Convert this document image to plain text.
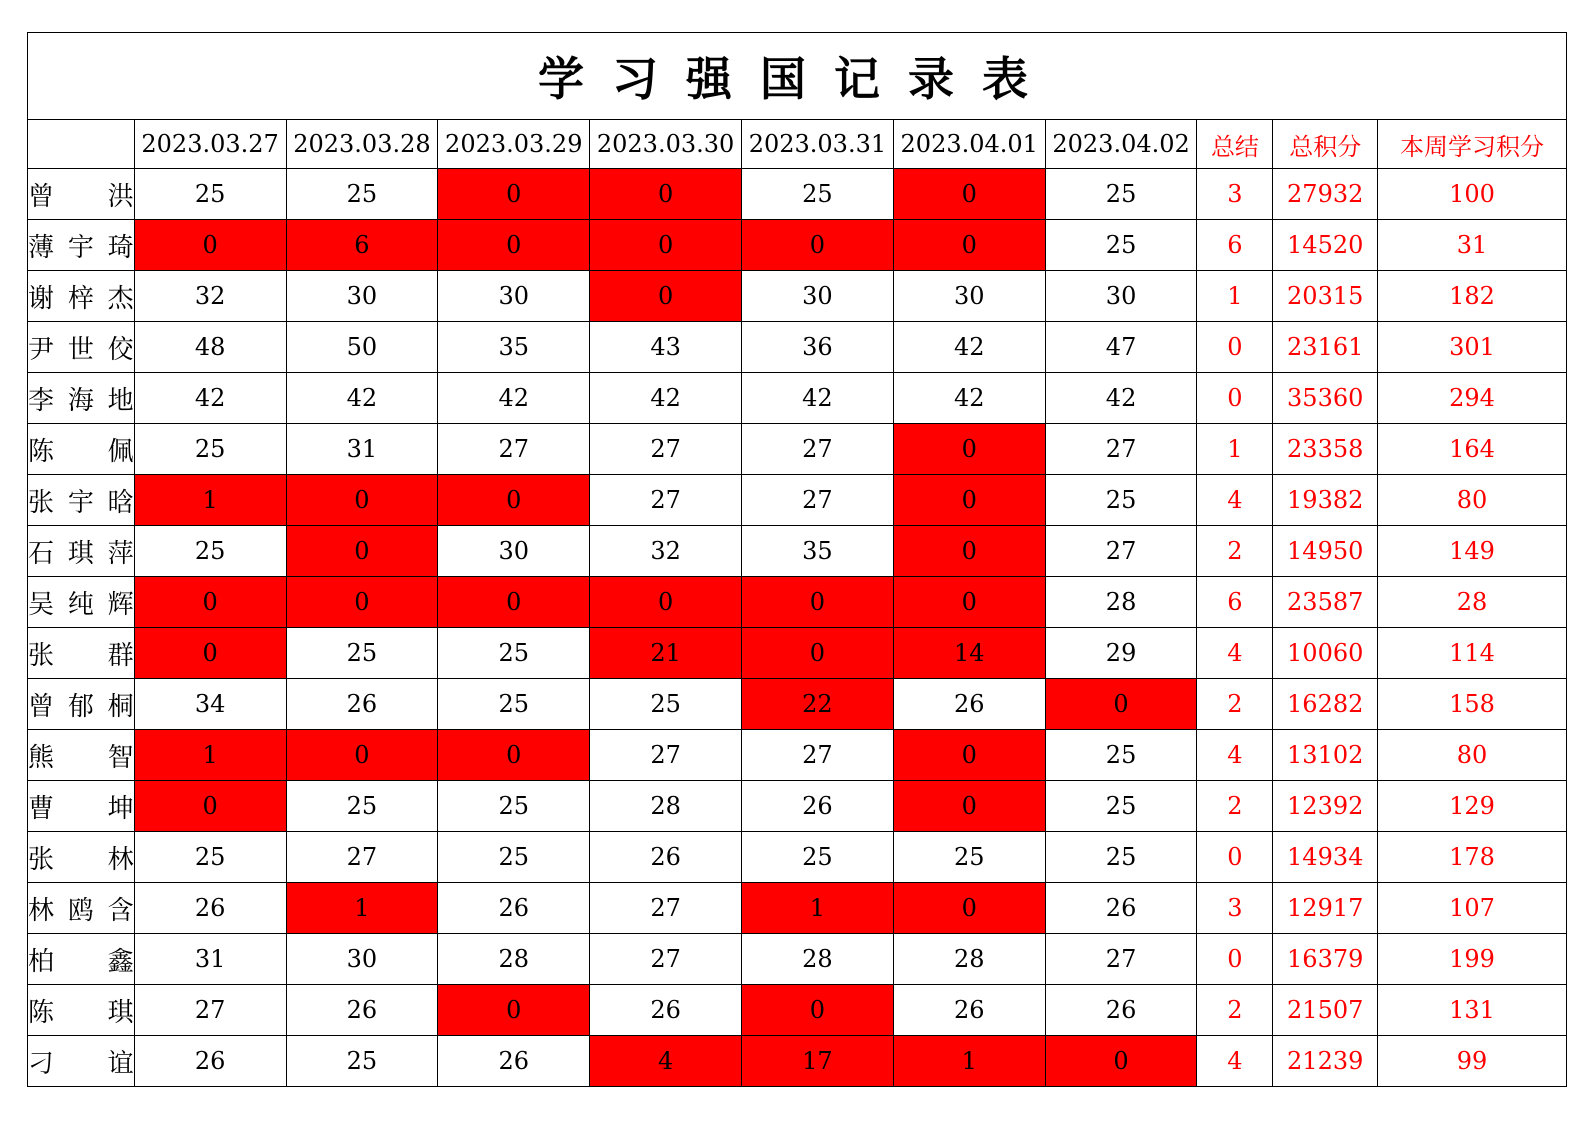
学习强国记录表										
	2023.03.27	2023.03.28	2023.03.29	2023.03.30	2023.03.31	2023.04.01	2023.04.02	总结	总积分	本周学习积分
曾洪	25	25	0	0	25	0	25	3	27932	100
薄宇琦	0	6	0	0	0	0	25	6	14520	31
谢梓杰	32	30	30	0	30	30	30	1	20315	182
尹世佼	48	50	35	43	36	42	47	0	23161	301
李海地	42	42	42	42	42	42	42	0	35360	294
陈佩	25	31	27	27	27	0	27	1	23358	164
张宇晗	1	0	0	27	27	0	25	4	19382	80
石琪萍	25	0	30	32	35	0	27	2	14950	149
吴纯辉	0	0	0	0	0	0	28	6	23587	28
张群	0	25	25	21	0	14	29	4	10060	114
曾郁桐	34	26	25	25	22	26	0	2	16282	158
熊智	1	0	0	27	27	0	25	4	13102	80
曹坤	0	25	25	28	26	0	25	2	12392	129
张林	25	27	25	26	25	25	25	0	14934	178
林鸥含	26	1	26	27	1	0	26	3	12917	107
柏鑫	31	30	28	27	28	28	27	0	16379	199
陈琪	27	26	0	26	0	26	26	2	21507	131
刁谊	26	25	26	4	17	1	0	4	21239	99
